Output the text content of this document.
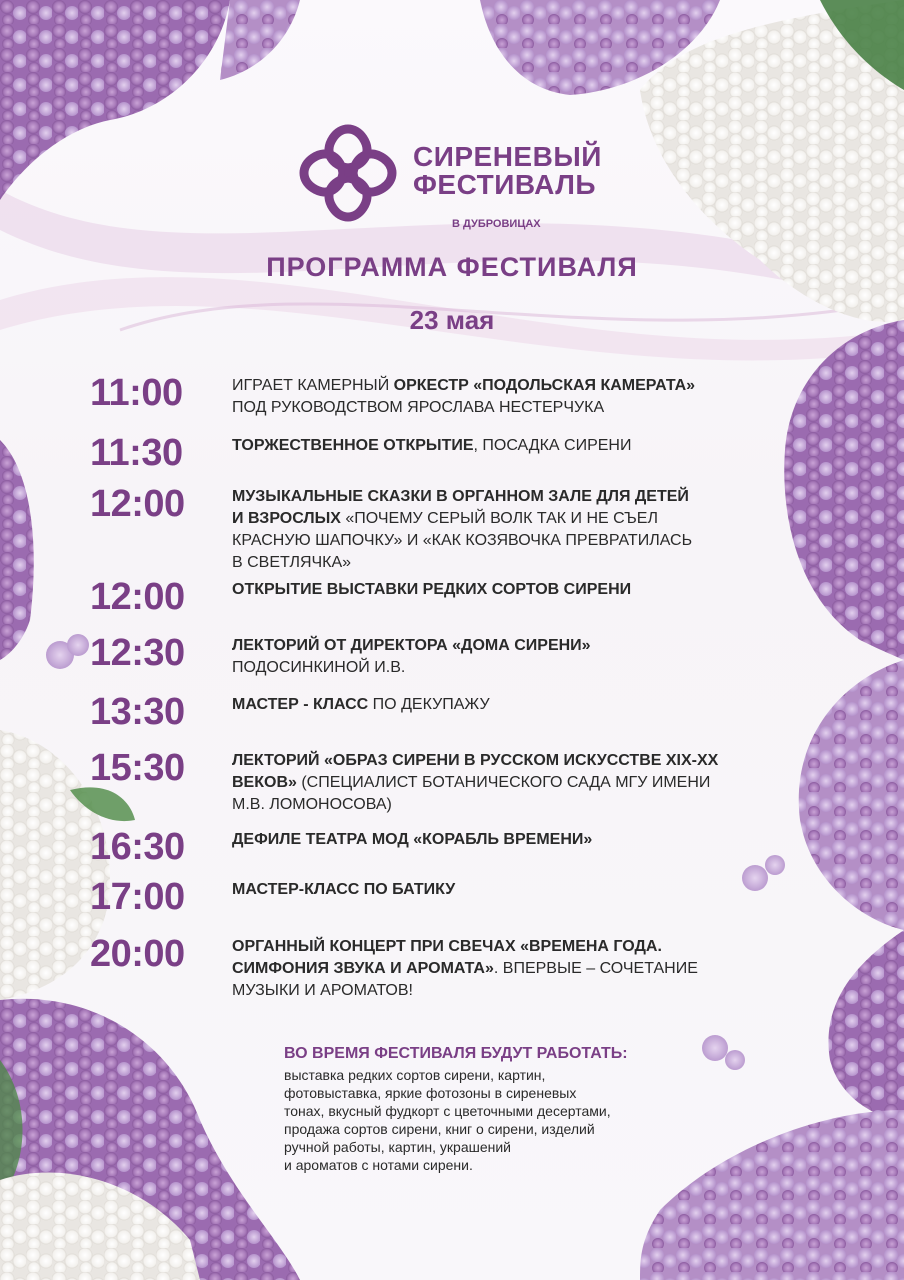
СИРЕНЕВЫЙ
ФЕСТИВАЛЬ
В ДУБРОВИЦАХ
ПРОГРАММА ФЕСТИВАЛЯ
23 мая
11:00	ИГРАЕТ КАМЕРНЫЙ ОРКЕСТР «ПОДОЛЬСКАЯ КАМЕРАТА»
ПОД РУКОВОДСТВОМ ЯРОСЛАВА НЕСТЕРЧУКА
11:30	ТОРЖЕСТВЕННОЕ ОТКРЫТИЕ, ПОСАДКА СИРЕНИ
12:00	МУЗЫКАЛЬНЫЕ СКАЗКИ В ОРГАННОМ ЗАЛЕ ДЛЯ ДЕТЕЙ
И ВЗРОСЛЫХ «ПОЧЕМУ СЕРЫЙ ВОЛК ТАК И НЕ СЪЕЛ
КРАСНУЮ ШАПОЧКУ» И «КАК КОЗЯВОЧКА ПРЕВРАТИЛАСЬ
В СВЕТЛЯЧКА»
12:00	ОТКРЫТИЕ ВЫСТАВКИ РЕДКИХ СОРТОВ СИРЕНИ
12:30	ЛЕКТОРИЙ ОТ ДИРЕКТОРА «ДОМА СИРЕНИ»
ПОДОСИНКИНОЙ И.В.
13:30	МАСТЕР - КЛАСС ПО ДЕКУПАЖУ
15:30	ЛЕКТОРИЙ «ОБРАЗ СИРЕНИ В РУССКОМ ИСКУССТВЕ XIX-XX
ВЕКОВ» (СПЕЦИАЛИСТ БОТАНИЧЕСКОГО САДА МГУ ИМЕНИ
М.В. ЛОМОНОСОВА)
16:30	ДЕФИЛЕ ТЕАТРА МОД «КОРАБЛЬ ВРЕМЕНИ»
17:00	МАСТЕР-КЛАСС ПО БАТИКУ
20:00	ОРГАННЫЙ КОНЦЕРТ ПРИ СВЕЧАХ «ВРЕМЕНА ГОДА.
СИМФОНИЯ ЗВУКА И АРОМАТА». ВПЕРВЫЕ – СОЧЕТАНИЕ
МУЗЫКИ И АРОМАТОВ!
ВО ВРЕМЯ ФЕСТИВАЛЯ БУДУТ РАБОТАТЬ:
выставка редких сортов сирени, картин,
фотовыставка, яркие фотозоны в сиреневых
тонах, вкусный фудкорт с цветочными десертами,
продажа сортов сирени, книг о сирени, изделий
ручной работы, картин, украшений
и ароматов с нотами сирени.
